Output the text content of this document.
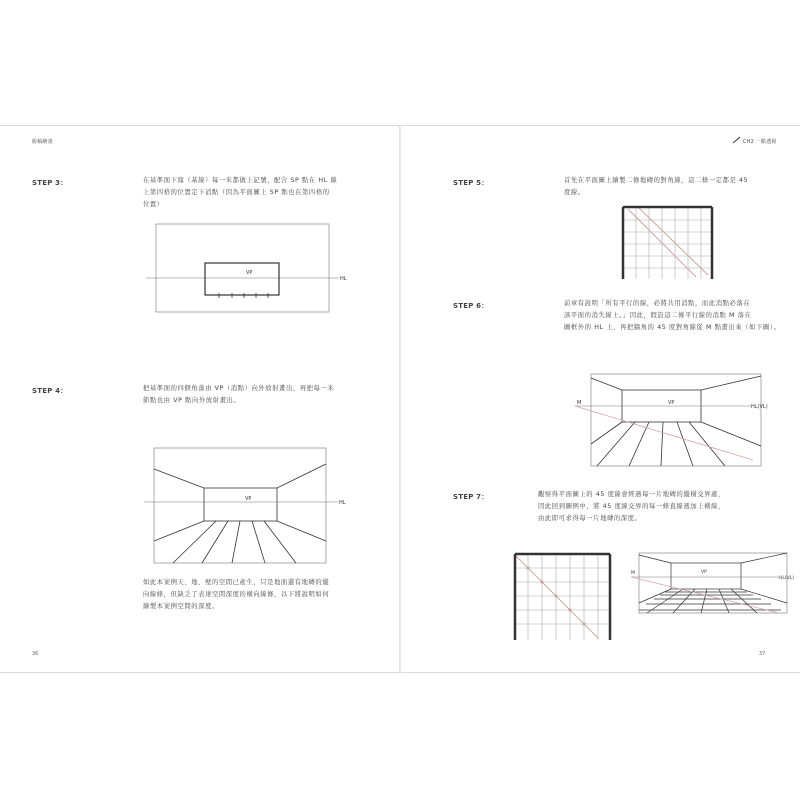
脫稿繪畫
STEP 3：	在基準面下緣（基線）每一米都做上記號，配合 SP 點在 HL 線
上第四格的位置定下消點（因為平面圖上 SP 點也在第四格的
位置）
VP
HL
STEP 4：	把基準面的四個角落由 VP（消點）向外放射畫出，再把每一米
節點也由 VP 點向外放射畫出。
VP
HL
如此本案例天、地、壁的空間已產生，只是地面還有地磚的縱
向線條，但缺乏了表達空間深度的橫向線條，以下將說明如何
繪製本案例空間的深度。
36
CH2 一點透視
STEP 5：	首先在平面圖上繪製二條地磚的對角線，這二條一定都是 45
度線。
STEP 6：	前章有說明「所有平行的線，必將共用消點，而此消點必落在
該平面的消失線上。」因此，假設這二條平行線的消點 M 落在
圖框外的 HL 上，再把牆角的 45 度對角線從 M 點畫出來（如下圖）。
M	VP
HL(VL)
STEP 7：	觀察得平面圖上的 45 度線會經過每一片地磚的縱橫交界處，
因此回到圖例中，將 45 度線交界的每一條直線遞加上橫線，
由此即可求得每一片地磚的深度。
M	VP
HL(VL)
37
